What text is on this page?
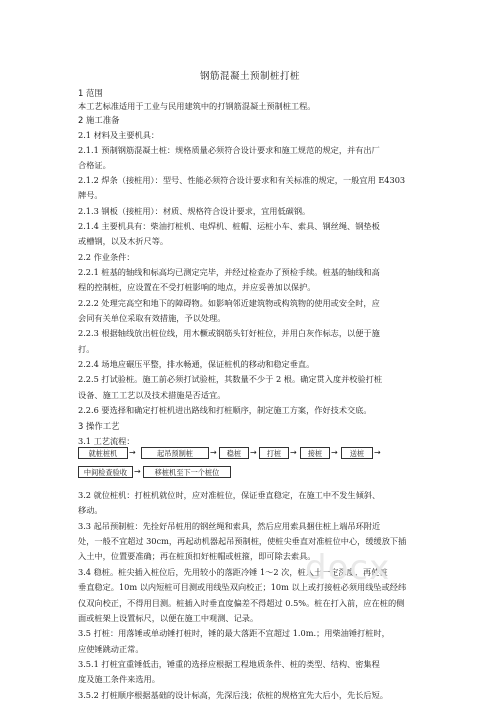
钢筋混凝土预制桩打桩
1 范围
本工艺标准适用于工业与民用建筑中的打钢筋混凝土预制桩工程。
2 施工准备
2.1 材料及主要机具：
2.1.1 预制钢筋混凝土桩：规格质量必须符合设计要求和施工规范的规定，并有出厂
合格证。
2.1.2 焊条（接桩用）：型号、性能必须符合设计要求和有关标准的规定，一般宜用 E4303
牌号。
2.1.3 钢板（接桩用）：材质、规格符合设计要求，宜用低碳钢。
2.1.4 主要机具有：柴油打桩机、电焊机、桩帽、运桩小车、索具、钢丝绳、钢垫板
或槽钢，以及木折尺等。
2.2 作业条件：
2.2.1 桩基的轴线和标高均已测定完毕，并经过检查办了预检手续。桩基的轴线和高
程的控制桩，应设置在不受打桩影响的地点，并应妥善加以保护。
2.2.2 处理完高空和地下的障碍物。如影响邻近建筑物或构筑物的使用或安全时，应
会同有关单位采取有效措施，予以处理。
2.2.3 根据轴线放出桩位线，用木橛或钢筋头钉好桩位，并用白灰作标志，以便于施
打。
2.2.4 场地应碾压平整，排水畅通，保证桩机的移动和稳定垂直。
2.2.5 打试验桩。施工前必须打试验桩，其数量不少于 2 根。确定贯入度并校验打桩
设备、施工工艺以及技术措施是否适宜。
2.2.6 要选择和确定打桩机进出路线和打桩顺序，制定施工方案，作好技术交底。
3 操作工艺
3.1 工艺流程：
就桩桩机	→	起吊预制桩	→	稳桩	→	打桩	→	接桩	→	送桩	→
中间检查验收 →	移桩机至下一个桩位
3.2 就位桩机：打桩机就位时，应对准桩位，保证垂直稳定，在施工中不发生倾斜、
移动。
3.3 起吊预制桩：先拴好吊桩用的钢丝绳和索具，然后应用索具捆住桩上端吊环附近
处，一般不宜超过 30cm，再起动机器起吊预制桩，使桩尖垂直对准桩位中心，缓缓放下插
入土中，位置要准确；再在桩顶扣好桩帽或桩箍，即可除去索具。
3.4 稳桩。桩尖插入桩位后，先用较小的落距冷锤 1～2 次，桩入土一定深度，再使桩
垂直稳定。10m 以内短桩可目测或用线坠双向校正；10m 以上或打接桩必须用线坠或经纬
仪双向校正，不得用目测。桩插入时垂直度偏差不得超过 0.5%。桩在打入前，应在桩的侧
面或桩架上设置标尺，以便在施工中观测、记录。
3.5 打桩：用落锤或单动锤打桩时，锤的最大落距不宜超过 1.0m.；用柴油锤打桩时，
应使锤跳动正常。
3.5.1 打桩宜重锤低击，锤重的选择应根据工程地质条件、桩的类型、结构、密集程
度及施工条件来选用。
3.5.2 打桩顺序根据基础的设计标高，先深后浅；依桩的规格宜先大后小，先长后短。
docx
